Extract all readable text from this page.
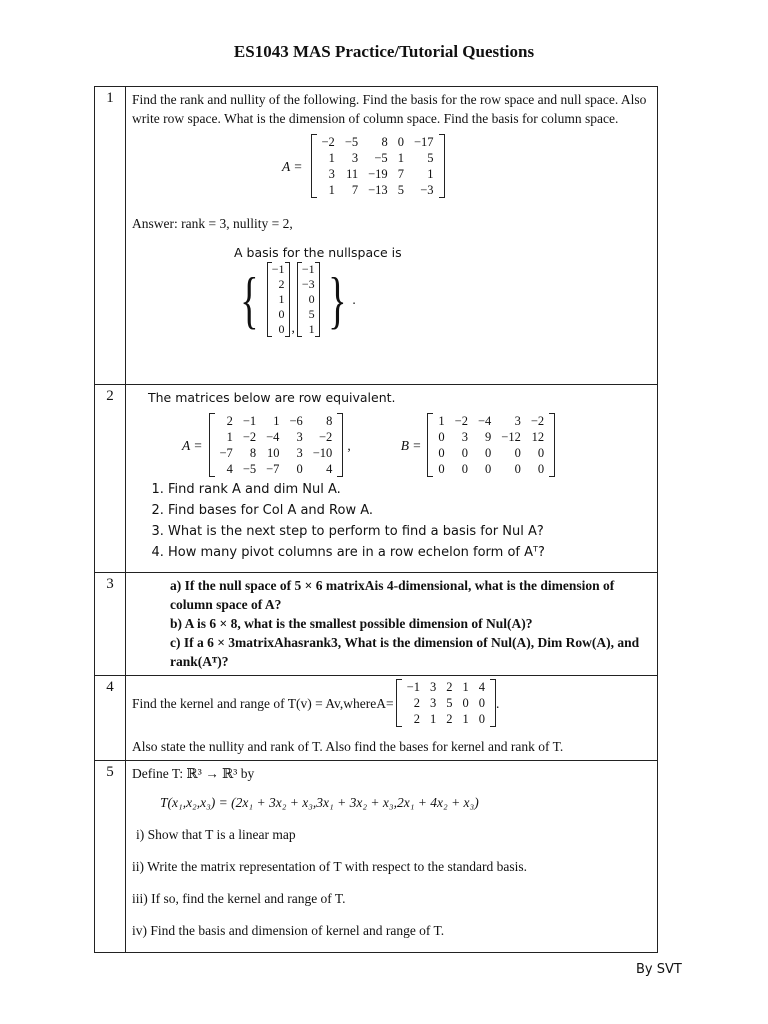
ES1043 MAS Practice/Tutorial Questions
1	Find the rank and nullity of the following. Find the basis for the row space and null space. Also write row space. What is the dimension of column space. Find the basis for column space.
A =
−2	−5	8	0	−17
1	3	−5	1	5
3	11	−19	7	1
1	7	−13	5	−3
Answer: rank = 3, nullity = 2,
A basis for the nullspace is
{ −1
2
1
0
0 ,
−1
−3
0
5
1 } .

2	The matrices below are row equivalent.
A =
2	−1	1	−6	8
1	−2	−4	3	−2
−7	8	10	3	−10
4	−5	−7	0	4
,	B =
1	−2	−4	3	−2
0	3	9	−12	12
0	0	0	0	0
0	0	0	0	0
1. Find rank A and dim Nul A.
2. Find bases for Col A and Row A.
3. What is the next step to perform to find a basis for Nul A?
4. How many pivot columns are in a row echelon form of Aᵀ?

3	a) If the null space of 5 × 6 matrixAis 4-dimensional, what is the dimension of column space of A?
b) A is 6 × 8, what is the smallest possible dimension of Nul(A)?
c) If a 6 × 3matrixAhasrank3, What is the dimension of Nul(A), Dim Row(A), and rank(Aᵀ)?

4	
Find the kernel and range of T(v) = Av,whereA=
−1	3	2	1	4
2	3	5	0	0
2	1	2	1	0
.
Also state the nullity and rank of T. Also find the bases for kernel and rank of T.

5	Define T: ℝ³ → ℝ³ by
T(x₁,x₂,x₃) = (2x₁ + 3x₂ + x₃,3x₁ + 3x₂ + x₃,2x₁ + 4x₂ + x₃)
i) Show that T is a linear map
ii) Write the matrix representation of T with respect to the standard basis.
iii) If so, find the kernel and range of T.
iv) Find the basis and dimension of kernel and range of T.
By SVT
